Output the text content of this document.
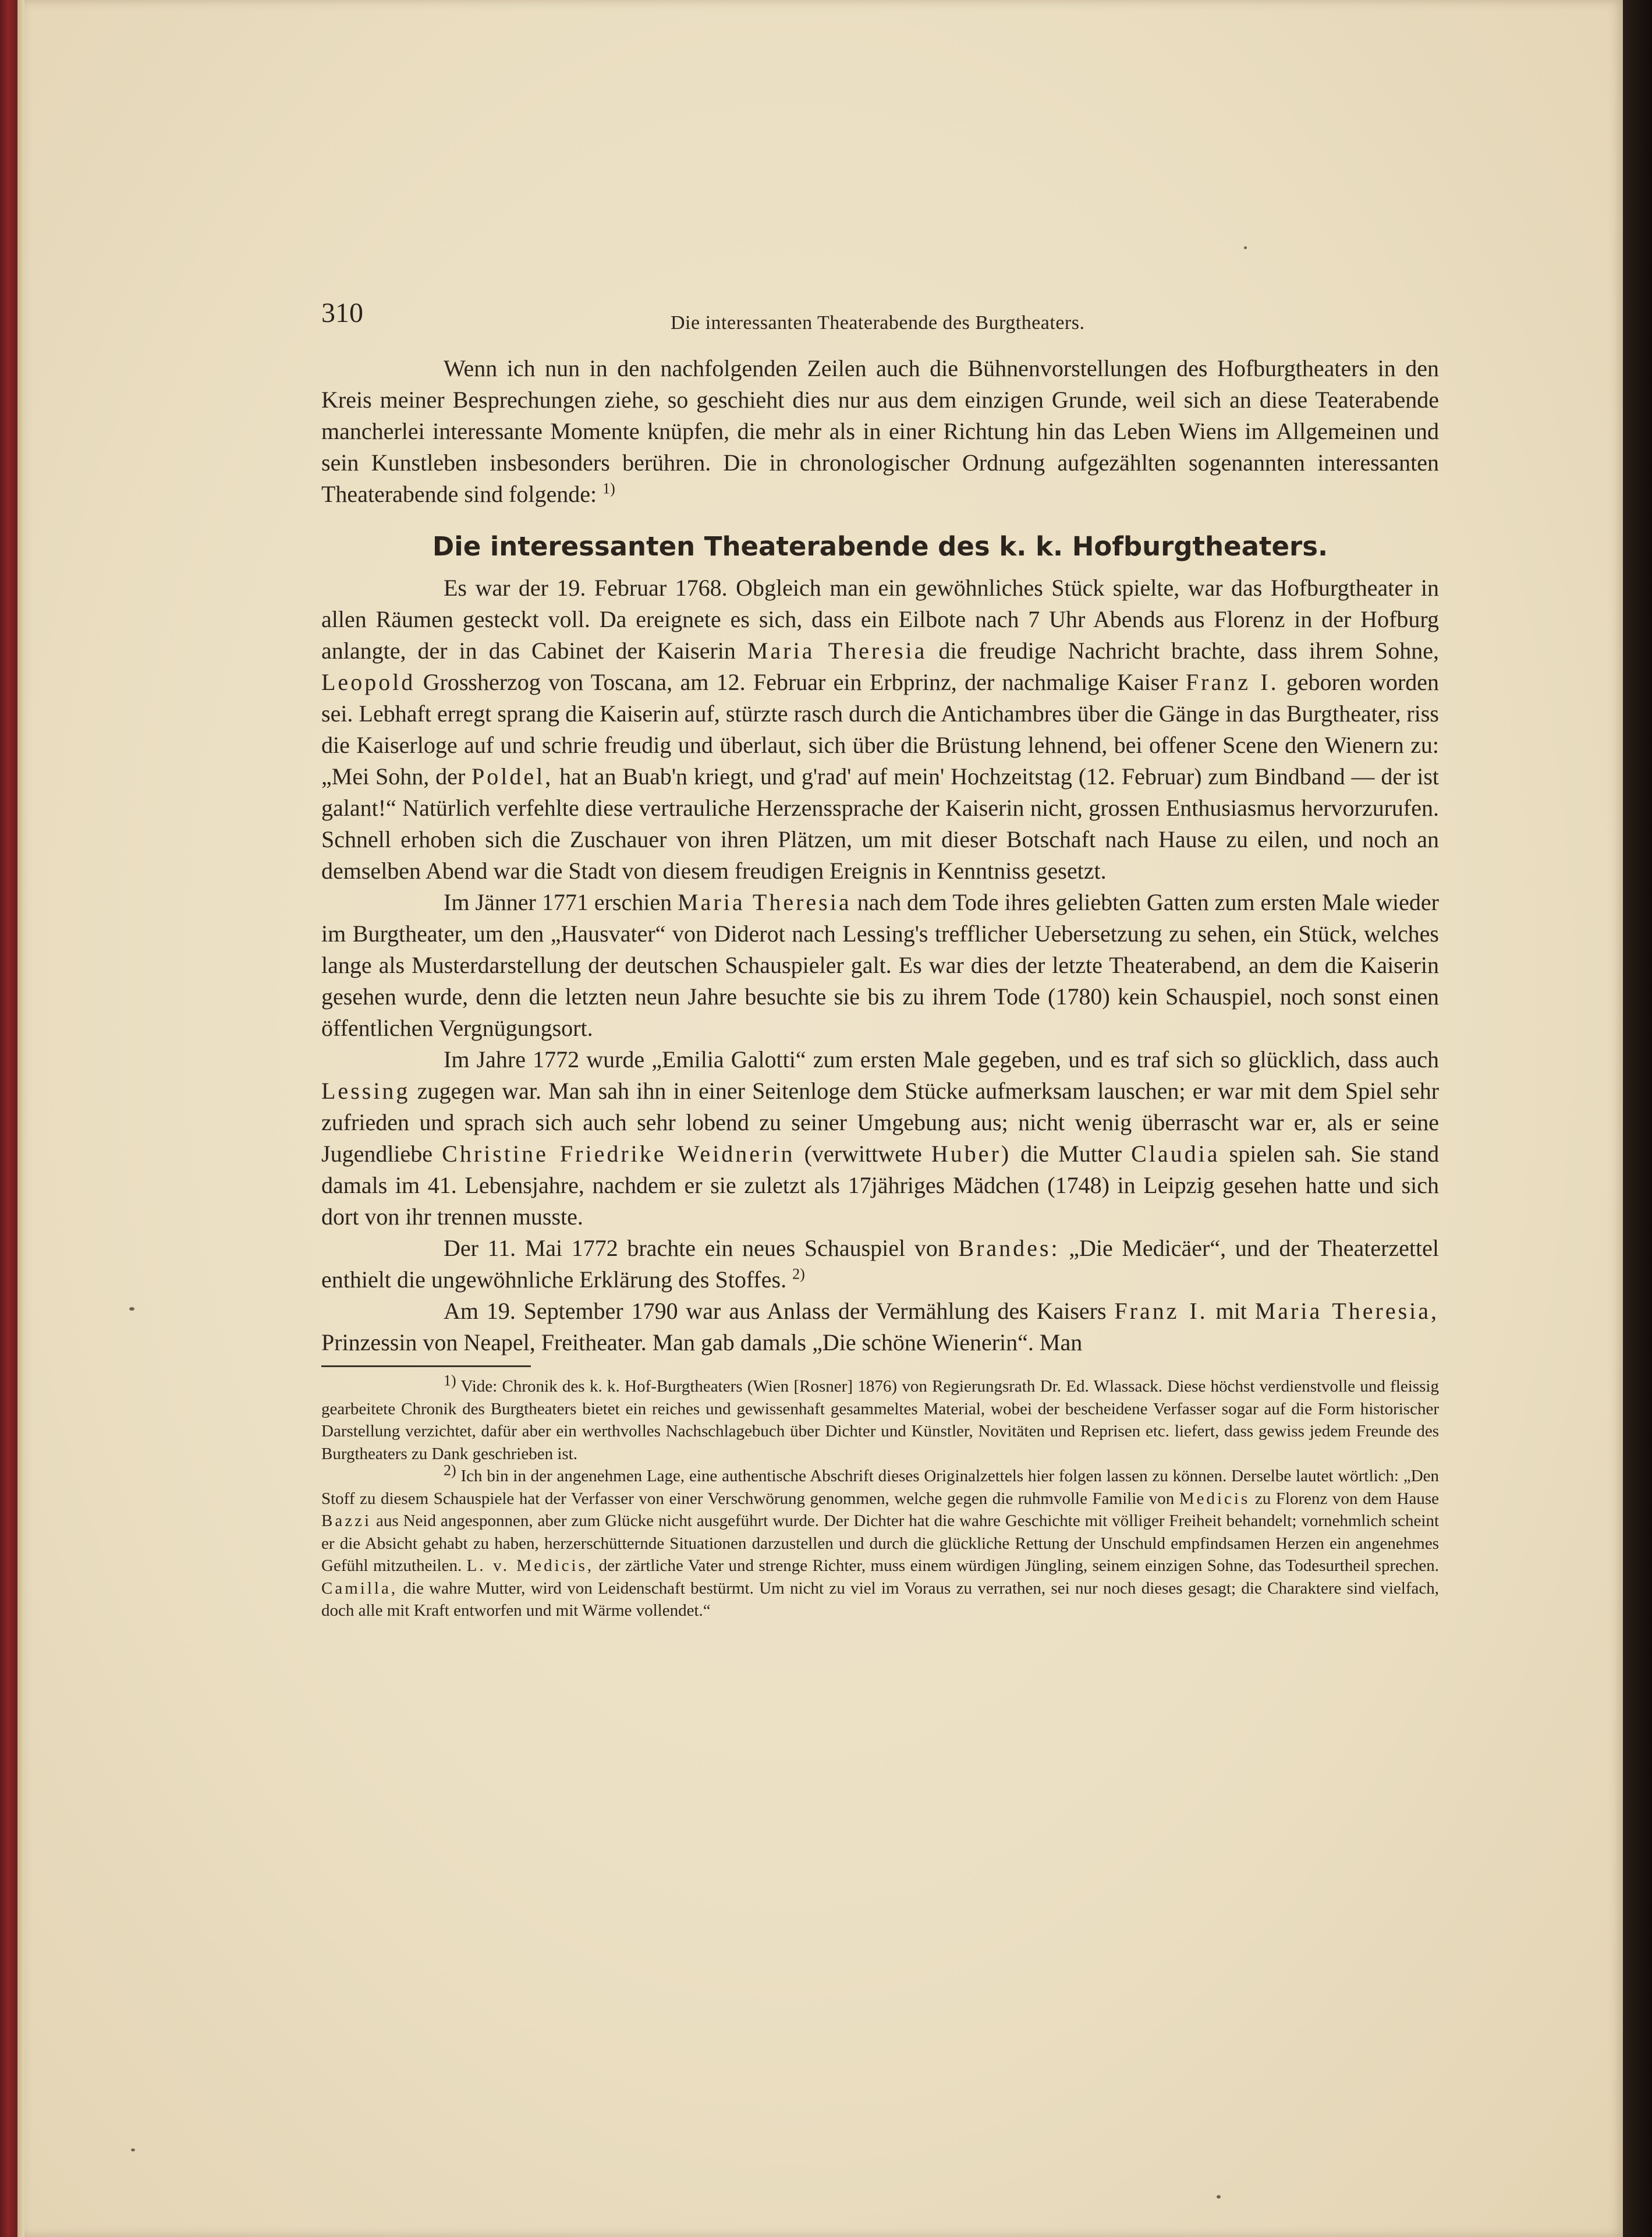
310	Die interessanten Theaterabende des Burgtheaters.

Wenn ich nun in den nachfolgenden Zeilen auch die Bühnenvorstellungen des Hofburgtheaters in den Kreis meiner Besprechungen ziehe, so geschieht dies nur aus dem einzigen Grunde, weil sich an diese Teaterabende mancherlei interessante Momente knüpfen, die mehr als in einer Richtung hin das Leben Wiens im Allgemeinen und sein Kunstleben insbesonders berühren. Die in chronologischer Ordnung aufgezählten sogenannten interessanten Theaterabende sind folgende: $^{1)}$

Die interessanten Theaterabende des k. k. Hofburgtheaters.

Es war der 19. Februar 1768. Obgleich man ein gewöhnliches Stück spielte, war das Hofburgtheater in allen Räumen gesteckt voll. Da ereignete es sich, dass ein Eilbote nach 7 Uhr Abends aus Florenz in der Hofburg anlangte, der in das Cabinet der Kaiserin Maria Theresia die freudige Nachricht brachte, dass ihrem Sohne, Leopold Grossherzog von Toscana, am 12. Februar ein Erbprinz, der nachmalige Kaiser Franz I. geboren worden sei. Lebhaft erregt sprang die Kaiserin auf, stürzte rasch durch die Antichambres über die Gänge in das Burgtheater, riss die Kaiserloge auf und schrie freudig und überlaut, sich über die Brüstung lehnend, bei offener Scene den Wienern zu: „Mei Sohn, der Poldel, hat an Buab'n kriegt, und g'rad' auf mein' Hochzeitstag (12. Februar) zum Bindband — der ist galant!“ Natürlich verfehlte diese vertrauliche Herzenssprache der Kaiserin nicht, grossen Enthusiasmus hervorzurufen. Schnell erhoben sich die Zuschauer von ihren Plätzen, um mit dieser Botschaft nach Hause zu eilen, und noch an demselben Abend war die Stadt von diesem freudigen Ereignis in Kenntniss gesetzt.

Im Jänner 1771 erschien Maria Theresia nach dem Tode ihres geliebten Gatten zum ersten Male wieder im Burgtheater, um den „Hausvater“ von Diderot nach Lessing's trefflicher Uebersetzung zu sehen, ein Stück, welches lange als Musterdarstellung der deutschen Schauspieler galt. Es war dies der letzte Theaterabend, an dem die Kaiserin gesehen wurde, denn die letzten neun Jahre besuchte sie bis zu ihrem Tode (1780) kein Schauspiel, noch sonst einen öffentlichen Vergnügungsort.

Im Jahre 1772 wurde „Emilia Galotti“ zum ersten Male gegeben, und es traf sich so glücklich, dass auch Lessing zugegen war. Man sah ihn in einer Seitenloge dem Stücke aufmerksam lauschen; er war mit dem Spiel sehr zufrieden und sprach sich auch sehr lobend zu seiner Umgebung aus; nicht wenig überrascht war er, als er seine Jugendliebe Christine Friedrike Weidnerin (verwittwete Huber) die Mutter Claudia spielen sah. Sie stand damals im 41. Lebensjahre, nachdem er sie zuletzt als 17jähriges Mädchen (1748) in Leipzig gesehen hatte und sich dort von ihr trennen musste.

Der 11. Mai 1772 brachte ein neues Schauspiel von Brandes: „Die Medicäer“, und der Theaterzettel enthielt die ungewöhnliche Erklärung des Stoffes. $^{2)}$

Am 19. September 1790 war aus Anlass der Vermählung des Kaisers Franz I. mit Maria Theresia, Prinzessin von Neapel, Freitheater. Man gab damals „Die schöne Wienerin“. Man

1) Vide: Chronik des k. k. Hof-Burgtheaters (Wien [Rosner] 1876) von Regierungsrath Dr. Ed. Wlassack. Diese höchst verdienstvolle und fleissig gearbeitete Chronik des Burgtheaters bietet ein reiches und gewissenhaft gesammeltes Material, wobei der bescheidene Verfasser sogar auf die Form historischer Darstellung verzichtet, dafür aber ein werthvolles Nachschlagebuch über Dichter und Künstler, Novitäten und Reprisen etc. liefert, dass gewiss jedem Freunde des Burgtheaters zu Dank geschrieben ist.

2) Ich bin in der angenehmen Lage, eine authentische Abschrift dieses Originalzettels hier folgen lassen zu können. Derselbe lautet wörtlich: „Den Stoff zu diesem Schauspiele hat der Verfasser von einer Verschwörung genommen, welche gegen die ruhmvolle Familie von Medicis zu Florenz von dem Hause Bazzi aus Neid angesponnen, aber zum Glücke nicht ausgeführt wurde. Der Dichter hat die wahre Geschichte mit völliger Freiheit behandelt; vornehmlich scheint er die Absicht gehabt zu haben, herzerschütternde Situationen darzustellen und durch die glückliche Rettung der Unschuld empfindsamen Herzen ein angenehmes Gefühl mitzutheilen. L. v. Medicis, der zärtliche Vater und strenge Richter, muss einem würdigen Jüngling, seinem einzigen Sohne, das Todesurtheil sprechen. Camilla, die wahre Mutter, wird von Leidenschaft bestürmt. Um nicht zu viel im Voraus zu verrathen, sei nur noch dieses gesagt; die Charaktere sind vielfach, doch alle mit Kraft entworfen und mit Wärme vollendet.“
